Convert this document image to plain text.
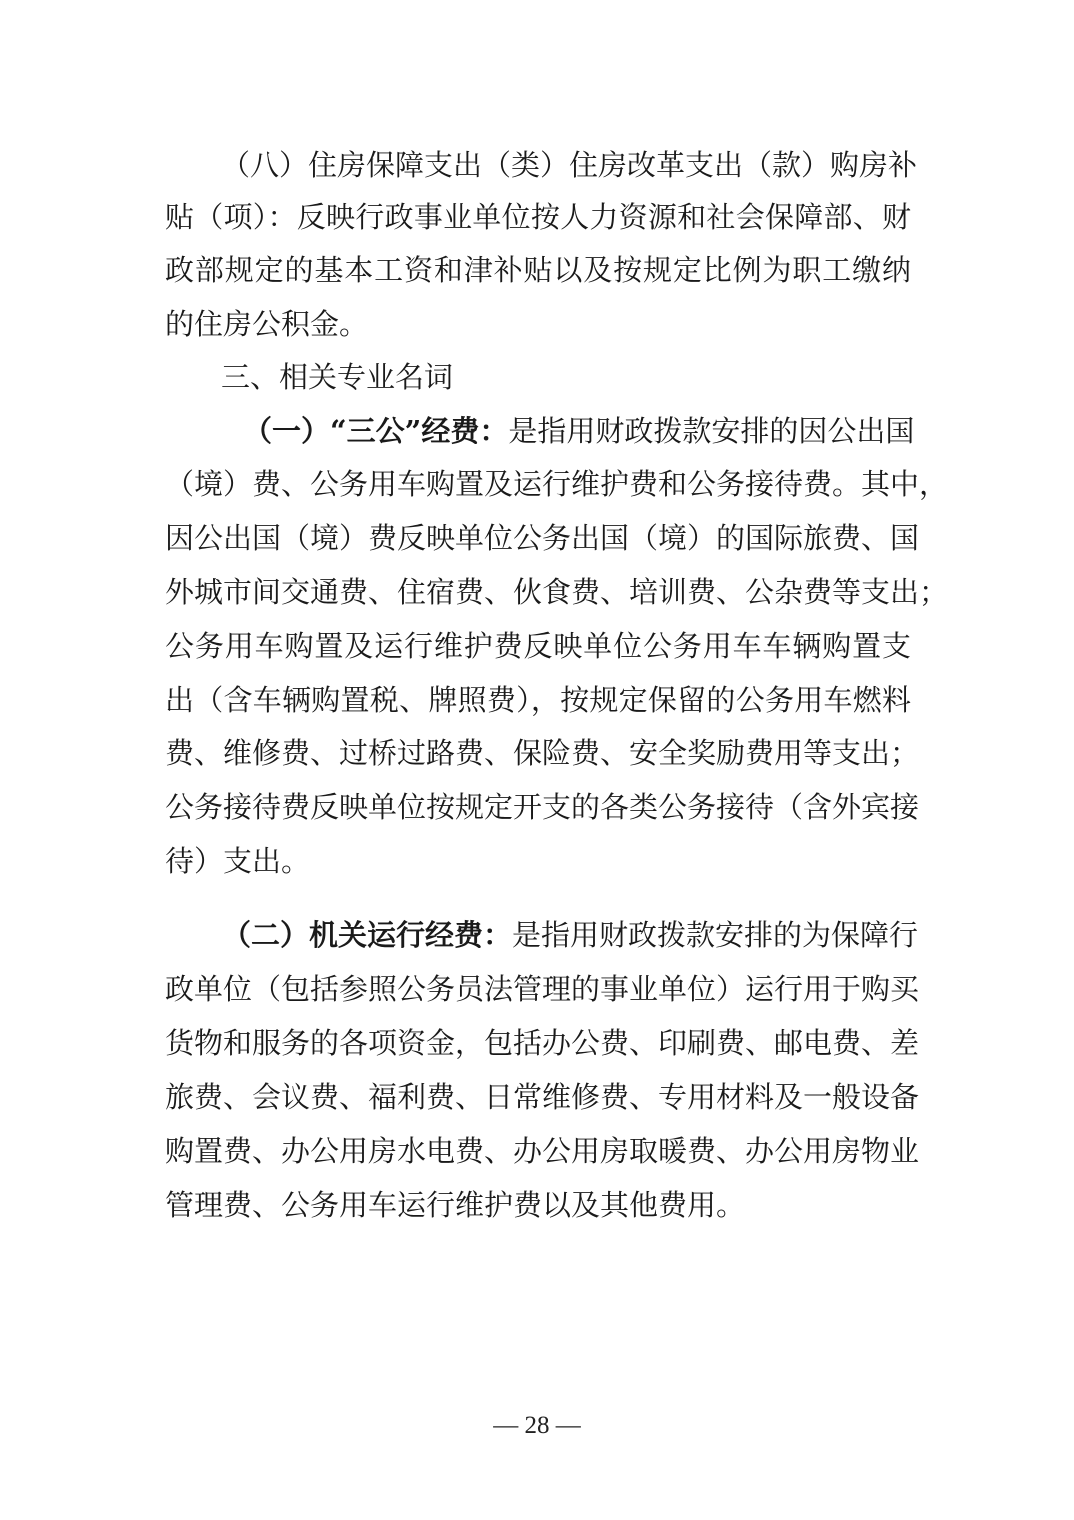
（八）住房保障支出（类）住房改革支出（款）购房补
贴（项）：反映行政事业单位按人力资源和社会保障部、财
政部规定的基本工资和津补贴以及按规定比例为职工缴纳
的住房公积金。
三、相关专业名词
（一）“三公”经费：是指用财政拨款安排的因公出国
（境）费、公务用车购置及运行维护费和公务接待费。其中，
因公出国（境）费反映单位公务出国（境）的国际旅费、国
外城市间交通费、住宿费、伙食费、培训费、公杂费等支出；
公务用车购置及运行维护费反映单位公务用车车辆购置支
出（含车辆购置税、牌照费），按规定保留的公务用车燃料
费、维修费、过桥过路费、保险费、安全奖励费用等支出；
公务接待费反映单位按规定开支的各类公务接待（含外宾接
待）支出。
（二）机关运行经费：是指用财政拨款安排的为保障行
政单位（包括参照公务员法管理的事业单位）运行用于购买
货物和服务的各项资金，包括办公费、印刷费、邮电费、差
旅费、会议费、福利费、日常维修费、专用材料及一般设备
购置费、办公用房水电费、办公用房取暖费、办公用房物业
管理费、公务用车运行维护费以及其他费用。
— 28 —
